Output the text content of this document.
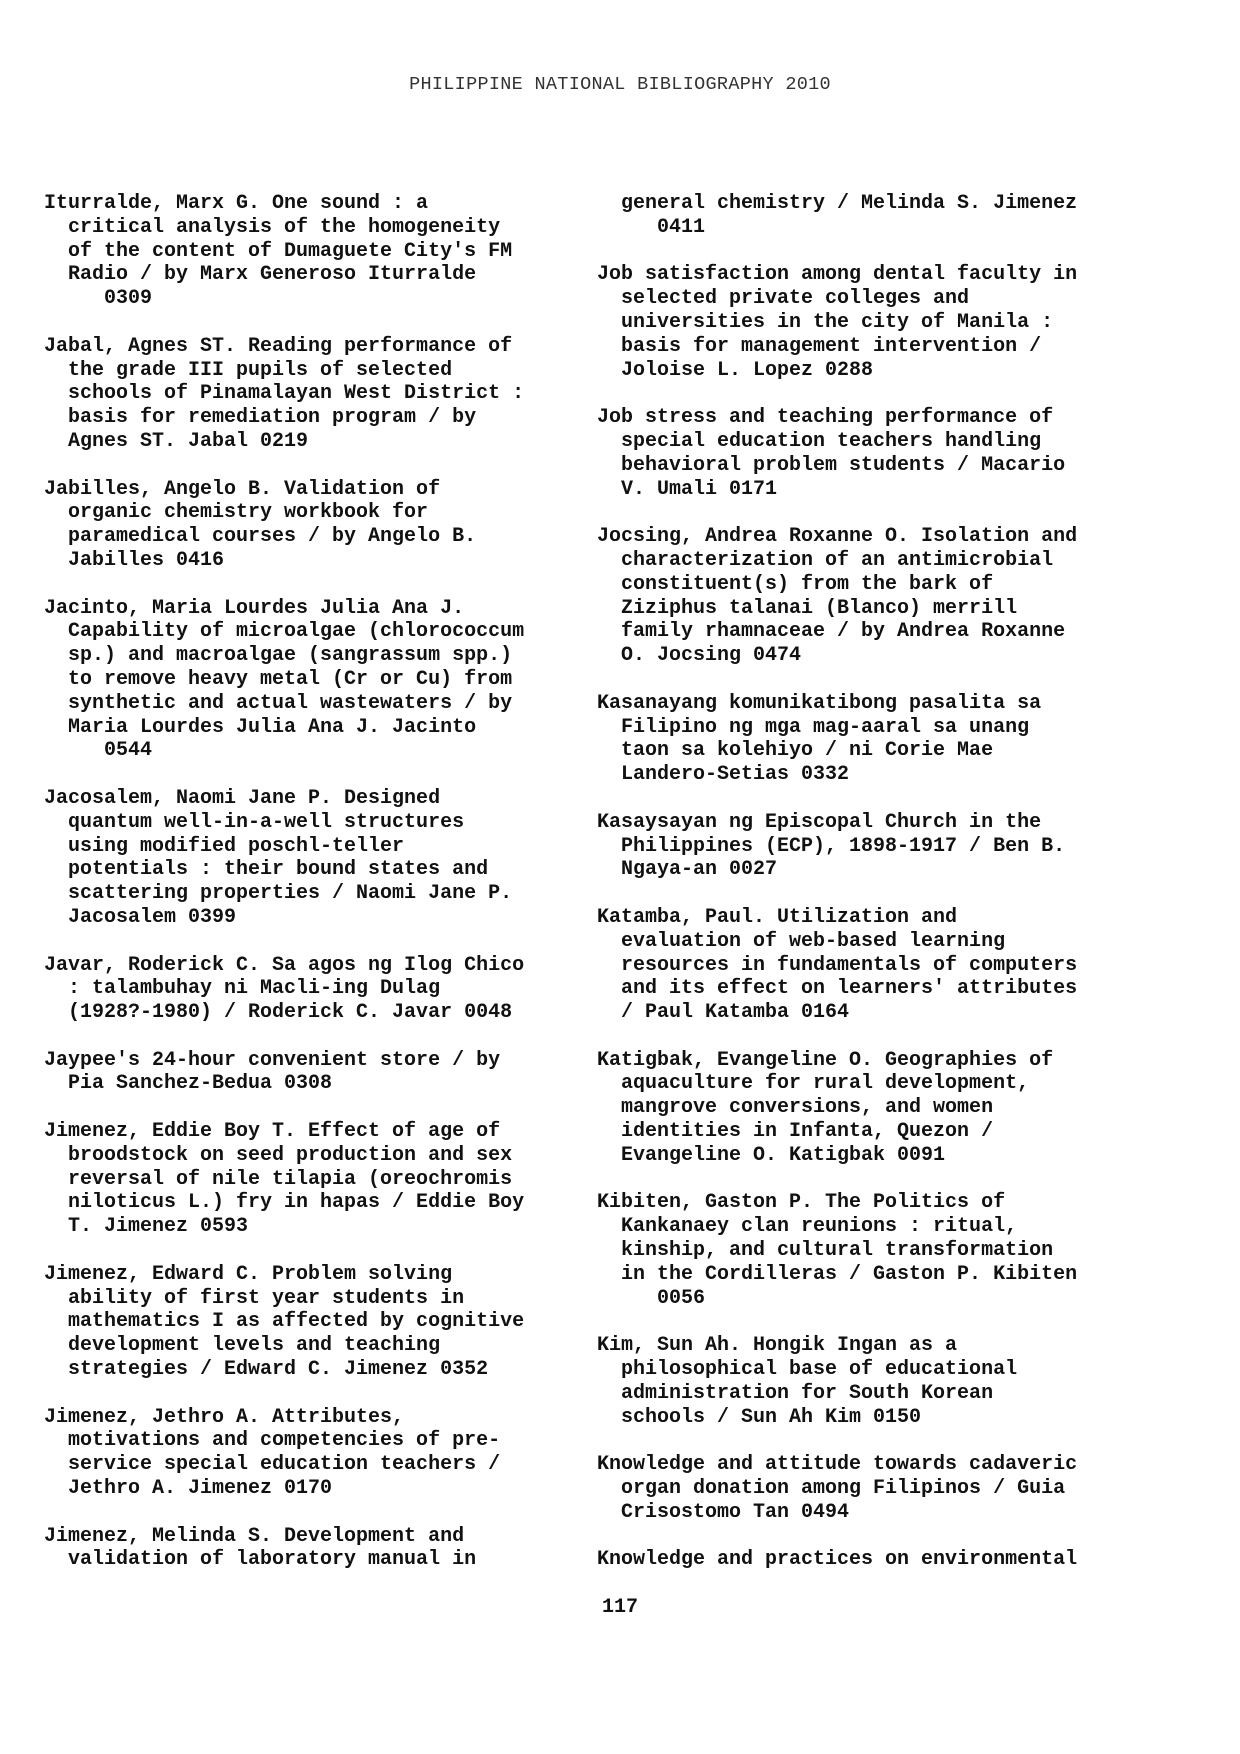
PHILIPPINE NATIONAL BIBLIOGRAPHY 2010
Iturralde, Marx G. One sound : a
critical analysis of the homogeneity
of the content of Dumaguete City's FM
Radio / by Marx Generoso Iturralde
0309
Jabal, Agnes ST. Reading performance of
the grade III pupils of selected
schools of Pinamalayan West District :
basis for remediation program / by
Agnes ST. Jabal 0219
Jabilles, Angelo B. Validation of
organic chemistry workbook for
paramedical courses / by Angelo B.
Jabilles 0416
Jacinto, Maria Lourdes Julia Ana J.
Capability of microalgae (chlorococcum
sp.) and macroalgae (sangrassum spp.)
to remove heavy metal (Cr or Cu) from
synthetic and actual wastewaters / by
Maria Lourdes Julia Ana J. Jacinto
0544
Jacosalem, Naomi Jane P. Designed
quantum well-in-a-well structures
using modified poschl-teller
potentials : their bound states and
scattering properties / Naomi Jane P.
Jacosalem 0399
Javar, Roderick C. Sa agos ng Ilog Chico
: talambuhay ni Macli-ing Dulag
(1928?-1980) / Roderick C. Javar 0048
Jaypee's 24-hour convenient store / by
Pia Sanchez-Bedua 0308
Jimenez, Eddie Boy T. Effect of age of
broodstock on seed production and sex
reversal of nile tilapia (oreochromis
niloticus L.) fry in hapas / Eddie Boy
T. Jimenez 0593
Jimenez, Edward C. Problem solving
ability of first year students in
mathematics I as affected by cognitive
development levels and teaching
strategies / Edward C. Jimenez 0352
Jimenez, Jethro A. Attributes,
motivations and competencies of pre-
service special education teachers /
Jethro A. Jimenez 0170
Jimenez, Melinda S. Development and
validation of laboratory manual in
general chemistry / Melinda S. Jimenez
0411
Job satisfaction among dental faculty in
selected private colleges and
universities in the city of Manila :
basis for management intervention /
Joloise L. Lopez 0288
Job stress and teaching performance of
special education teachers handling
behavioral problem students / Macario
V. Umali 0171
Jocsing, Andrea Roxanne O. Isolation and
characterization of an antimicrobial
constituent(s) from the bark of
Ziziphus talanai (Blanco) merrill
family rhamnaceae / by Andrea Roxanne
O. Jocsing 0474
Kasanayang komunikatibong pasalita sa
Filipino ng mga mag-aaral sa unang
taon sa kolehiyo / ni Corie Mae
Landero-Setias 0332
Kasaysayan ng Episcopal Church in the
Philippines (ECP), 1898-1917 / Ben B.
Ngaya-an 0027
Katamba, Paul. Utilization and
evaluation of web-based learning
resources in fundamentals of computers
and its effect on learners' attributes
/ Paul Katamba 0164
Katigbak, Evangeline O. Geographies of
aquaculture for rural development,
mangrove conversions, and women
identities in Infanta, Quezon /
Evangeline O. Katigbak 0091
Kibiten, Gaston P. The Politics of
Kankanaey clan reunions : ritual,
kinship, and cultural transformation
in the Cordilleras / Gaston P. Kibiten
0056
Kim, Sun Ah. Hongik Ingan as a
philosophical base of educational
administration for South Korean
schools / Sun Ah Kim 0150
Knowledge and attitude towards cadaveric
organ donation among Filipinos / Guia
Crisostomo Tan 0494
Knowledge and practices on environmental
117
